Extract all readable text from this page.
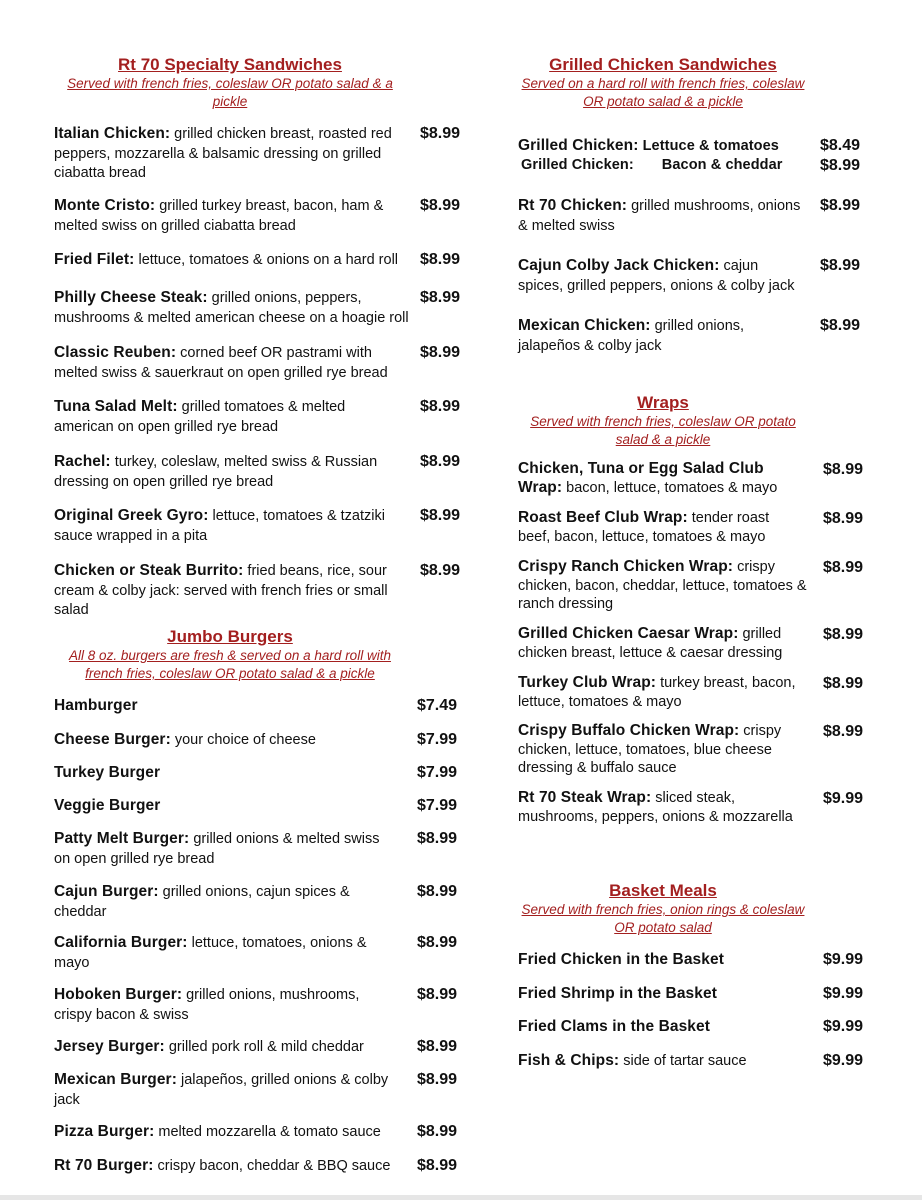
Rt 70 Specialty Sandwiches
Served with french fries, coleslaw OR potato salad & a
pickle
Italian Chicken: grilled chicken breast, roasted red
peppers, mozzarella & balsamic dressing on grilled
ciabatta bread
$8.99
Monte Cristo: grilled turkey breast, bacon, ham &
melted swiss on grilled ciabatta bread
$8.99
Fried Filet: lettuce, tomatoes & onions on a hard roll	$8.99
Philly Cheese Steak: grilled onions, peppers,
mushrooms & melted american cheese on a hoagie roll
$8.99
Classic Reuben: corned beef OR pastrami with
melted swiss & sauerkraut on open grilled rye bread
$8.99
Tuna Salad Melt: grilled tomatoes & melted
american on open grilled rye bread
$8.99
Rachel: turkey, coleslaw, melted swiss & Russian
dressing on open grilled rye bread
$8.99
Original Greek Gyro: lettuce, tomatoes & tzatziki
sauce wrapped in a pita
$8.99
Chicken or Steak Burrito: fried beans, rice, sour
cream & colby jack: served with french fries or small
salad
$8.99
Jumbo Burgers
All 8 oz. burgers are fresh & served on a hard roll with
french fries, coleslaw OR potato salad & a pickle
Hamburger	$7.49
Cheese Burger: your choice of cheese	$7.99
Turkey Burger	$7.99
Veggie Burger	$7.99
Patty Melt Burger: grilled onions & melted swiss
on open grilled rye bread
$8.99
Cajun Burger: grilled onions, cajun spices &
cheddar
$8.99
California Burger: lettuce, tomatoes, onions &
mayo
$8.99
Hoboken Burger: grilled onions, mushrooms,
crispy bacon & swiss
$8.99
Jersey Burger: grilled pork roll & mild cheddar	$8.99
Mexican Burger: jalapeños, grilled onions & colby
jack
$8.99
Pizza Burger: melted mozzarella & tomato sauce	$8.99
Rt 70 Burger: crispy bacon, cheddar & BBQ sauce	$8.99
Grilled Chicken Sandwiches
Served on a hard roll with french fries, coleslaw
OR potato salad & a pickle
Grilled Chicken: Lettuce & tomatoes	$8.49
Grilled Chicken: Bacon & cheddar	$8.99
Rt 70 Chicken: grilled mushrooms, onions
& melted swiss
$8.99
Cajun Colby Jack Chicken: cajun
spices, grilled peppers, onions & colby jack
$8.99
Mexican Chicken: grilled onions,
jalapeños & colby jack
$8.99
Wraps
Served with french fries, coleslaw OR potato
salad & a pickle
Chicken, Tuna or Egg Salad Club
Wrap: bacon, lettuce, tomatoes & mayo
$8.99
Roast Beef Club Wrap: tender roast
beef, bacon, lettuce, tomatoes & mayo
$8.99
Crispy Ranch Chicken Wrap: crispy
chicken, bacon, cheddar, lettuce, tomatoes &
ranch dressing
$8.99
Grilled Chicken Caesar Wrap: grilled
chicken breast, lettuce & caesar dressing
$8.99
Turkey Club Wrap: turkey breast, bacon,
lettuce, tomatoes & mayo
$8.99
Crispy Buffalo Chicken Wrap: crispy
chicken, lettuce, tomatoes, blue cheese
dressing & buffalo sauce
$8.99
Rt 70 Steak Wrap: sliced steak,
mushrooms, peppers, onions & mozzarella
$9.99
Basket Meals
Served with french fries, onion rings & coleslaw
OR potato salad
Fried Chicken in the Basket	$9.99
Fried Shrimp in the Basket	$9.99
Fried Clams in the Basket	$9.99
Fish & Chips: side of tartar sauce	$9.99
